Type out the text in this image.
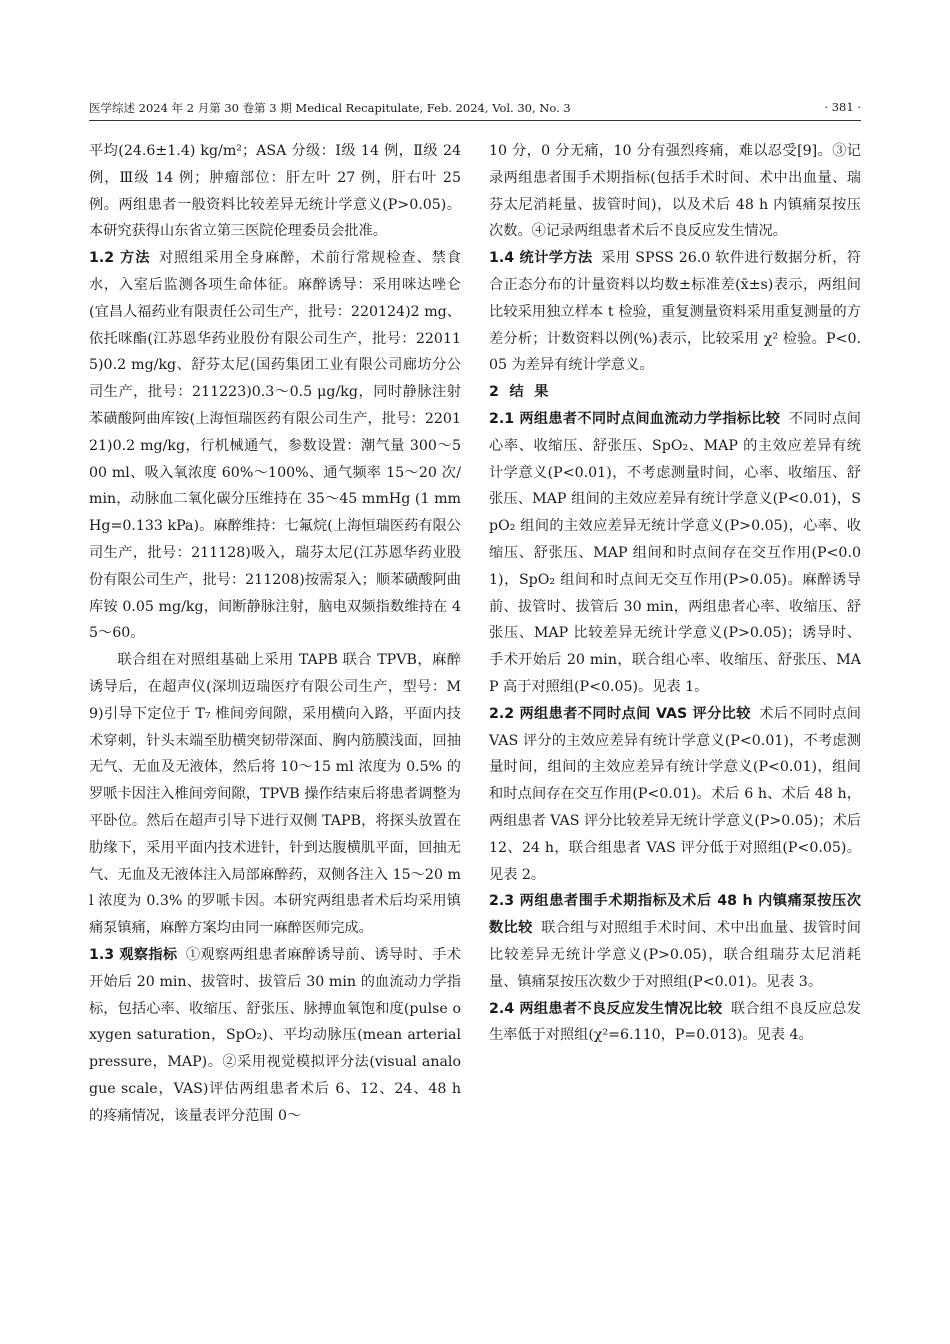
医学综述 2024 年 2 月第 30 卷第 3 期 Medical Recapitulate, Feb. 2024, Vol. 30, No. 3	· 381 ·

平均(24.6±1.4) kg/m²；ASA 分级：Ⅰ级 14 例，Ⅱ级 24 例，Ⅲ级 14 例；肿瘤部位：肝左叶 27 例，肝右叶 25 例。两组患者一般资料比较差异无统计学意义(P>0.05)。本研究获得山东省立第三医院伦理委员会批准。

1.2 方法 对照组采用全身麻醉，术前行常规检查、禁食水，入室后监测各项生命体征。麻醉诱导：采用咪达唑仑(宜昌人福药业有限责任公司生产，批号：220124)2 mg、依托咪酯(江苏恩华药业股份有限公司生产，批号：220115)0.2 mg/kg、舒芬太尼(国药集团工业有限公司廊坊分公司生产，批号：211223)0.3～0.5 μg/kg，同时静脉注射苯磺酸阿曲库铵(上海恒瑞医药有限公司生产，批号：220121)0.2 mg/kg，行机械通气，参数设置：潮气量 300～500 ml、吸入氧浓度 60%～100%、通气频率 15～20 次/min，动脉血二氧化碳分压维持在 35～45 mmHg (1 mmHg=0.133 kPa)。麻醉维持：七氟烷(上海恒瑞医药有限公司生产，批号：211128)吸入，瑞芬太尼(江苏恩华药业股份有限公司生产，批号：211208)按需泵入；顺苯磺酸阿曲库铵 0.05 mg/kg，间断静脉注射，脑电双频指数维持在 45～60。

联合组在对照组基础上采用 TAPB 联合 TPVB，麻醉诱导后，在超声仪(深圳迈瑞医疗有限公司生产，型号：M9)引导下定位于 T₇ 椎间旁间隙，采用横向入路，平面内技术穿刺，针头末端至肋横突韧带深面、胸内筋膜浅面，回抽无气、无血及无液体，然后将 10～15 ml 浓度为 0.5% 的罗哌卡因注入椎间旁间隙，TPVB 操作结束后将患者调整为平卧位。然后在超声引导下进行双侧 TAPB，将探头放置在肋缘下，采用平面内技术进针，针到达腹横肌平面，回抽无气、无血及无液体注入局部麻醉药，双侧各注入 15～20 ml 浓度为 0.3% 的罗哌卡因。本研究两组患者术后均采用镇痛泵镇痛，麻醉方案均由同一麻醉医师完成。

1.3 观察指标 ①观察两组患者麻醉诱导前、诱导时、手术开始后 20 min、拔管时、拔管后 30 min 的血流动力学指标，包括心率、收缩压、舒张压、脉搏血氧饱和度(pulse oxygen saturation，SpO₂)、平均动脉压(mean arterial pressure，MAP)。②采用视觉模拟评分法(visual analogue scale，VAS)评估两组患者术后 6、12、24、48 h 的疼痛情况，该量表评分范围 0～

10 分，0 分无痛，10 分有强烈疼痛，难以忍受[9]。③记录两组患者围手术期指标(包括手术时间、术中出血量、瑞芬太尼消耗量、拔管时间)，以及术后 48 h 内镇痛泵按压次数。④记录两组患者术后不良反应发生情况。

1.4 统计学方法 采用 SPSS 26.0 软件进行数据分析，符合正态分布的计量资料以均数±标准差(x̄±s)表示，两组间比较采用独立样本 t 检验，重复测量资料采用重复测量的方差分析；计数资料以例(%)表示，比较采用 χ² 检验。P<0.05 为差异有统计学意义。

2 结 果

2.1 两组患者不同时点间血流动力学指标比较 不同时点间心率、收缩压、舒张压、SpO₂、MAP 的主效应差异有统计学意义(P<0.01)，不考虑测量时间，心率、收缩压、舒张压、MAP 组间的主效应差异有统计学意义(P<0.01)，SpO₂ 组间的主效应差异无统计学意义(P>0.05)，心率、收缩压、舒张压、MAP 组间和时点间存在交互作用(P<0.01)，SpO₂ 组间和时点间无交互作用(P>0.05)。麻醉诱导前、拔管时、拔管后 30 min，两组患者心率、收缩压、舒张压、MAP 比较差异无统计学意义(P>0.05)；诱导时、手术开始后 20 min，联合组心率、收缩压、舒张压、MAP 高于对照组(P<0.05)。见表 1。

2.2 两组患者不同时点间 VAS 评分比较 术后不同时点间 VAS 评分的主效应差异有统计学意义(P<0.01)，不考虑测量时间，组间的主效应差异有统计学意义(P<0.01)，组间和时点间存在交互作用(P<0.01)。术后 6 h、术后 48 h，两组患者 VAS 评分比较差异无统计学意义(P>0.05)；术后 12、24 h，联合组患者 VAS 评分低于对照组(P<0.05)。见表 2。

2.3 两组患者围手术期指标及术后 48 h 内镇痛泵按压次数比较 联合组与对照组手术时间、术中出血量、拔管时间比较差异无统计学意义(P>0.05)，联合组瑞芬太尼消耗量、镇痛泵按压次数少于对照组(P<0.01)。见表 3。

2.4 两组患者不良反应发生情况比较 联合组不良反应总发生率低于对照组(χ²=6.110，P=0.013)。见表 4。
